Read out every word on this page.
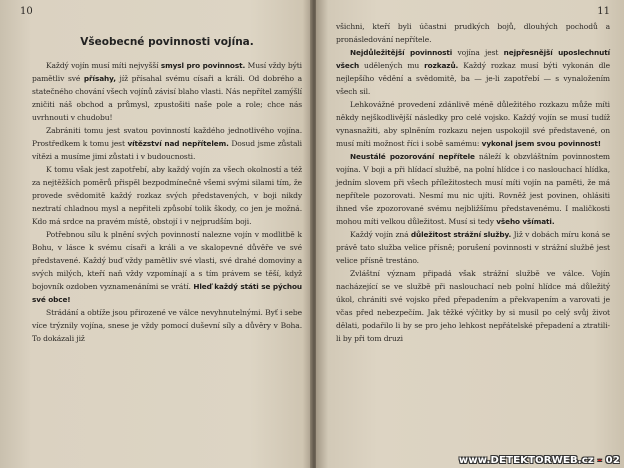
10
Všeobecné povinnosti vojína.

Každý vojín musí míti nejvyšší smysl pro povinnost. Musí vždy býti pamětliv své přísahy, jíž přísahal svému císaři a králi. Od dobrého a statečného chování všech vojínů závisí blaho vlasti. Nás nepřítel zamýšlí zničiti náš obchod a průmysl, zpustošiti naše pole a role; chce nás uvrhnouti v chudobu!

Zabrániti tomu jest svatou povinností každého jednotlivého vojína. Prostředkem k tomu jest vítězství nad nepřítelem. Dosud jsme zůstali vítězi a musíme jimi zůstati i v budoucnosti.

K tomu však jest zapotřebí, aby každý vojín za všech okolností a též za nejtěžších poměrů přispěl bezpodmínečně všemi svými silami tím, že provede svědomitě každý rozkaz svých představených, v boji nikdy neztratí chladnou mysl a nepřiteli způsobí tolik škody, co jen je možná. Kdo má srdce na pravém místě, obstojí i v nejprudším boji.

Potřebnou sílu k plnění svých povinností nalezne vojín v modlitbě k Bohu, v lásce k svému císaři a králi a ve skalopevné důvěře ve své představené. Každý buď vždy pamětliv své vlasti, své drahé domoviny a svých milých, kteří naň vždy vzpomínají a s tím právem se těší, když bojovník ozdoben vyznamenáními se vrátí. Hleď každý státi se pýchou své obce!

Strádání a obtíže jsou přirozené ve válce nevyhnutelnými. Byť i sebe více trýznily vojína, snese je vždy pomocí duševní síly a důvěry v Boha. To dokázali již

11

všichni, kteří byli účastni prudkých bojů, dlouhých pochodů a pronásledování nepřítele.

Nejdůležitější povinnosti vojína jest nejpřesnější uposlechnutí všech udělených mu rozkazů. Každý rozkaz musí býti vykonán dle nejlepšího vědění a svědomitě, ba — je-li zapotřebí — s vynaložením všech sil.

Lehkovážné provedení zdánlivě méně důležitého rozkazu může míti někdy nejškodlivější následky pro celé vojsko. Každý vojín se musí tudíž vynasnažiti, aby splněním rozkazu nejen uspokojil své představené, on musí míti možnost říci i sobě samému: vykonal jsem svou povinnost!

Neustálé pozorování nepřítele náleží k obzvláštním povinnostem vojína. V boji a při hlídací službě, na polní hlídce i co naslouchací hlídka, jedním slovem při všech příležitostech musí míti vojín na paměti, že má nepřítele pozorovati. Nesmí mu nic ujíti. Rovněž jest povinen, ohlásiti ihned vše zpozorované svému nejbližšímu představenému. I maličkosti mohou míti velkou důležitost. Musí si tedy všeho všímati.

Každý vojín zná důležitost strážní služby. Již v dobách míru koná se právě tato služba velice přísně; porušení povinnosti v strážní službě jest velice přísně trestáno.

Zvláštní význam připadá však strážní službě ve válce. Vojín nacházející se ve službě při naslouchací neb polní hlídce má důležitý úkol, chrániti své vojsko před přepadením a překvapením a varovati je včas před nebezpečím. Jak těžké výčitky by si musil po celý svůj život dělati, podařilo li by se pro jeho lehkost nepřátelské přepadení a ztratili-li by při tom druzi

www.DETEKTORWEB.cz - 02
